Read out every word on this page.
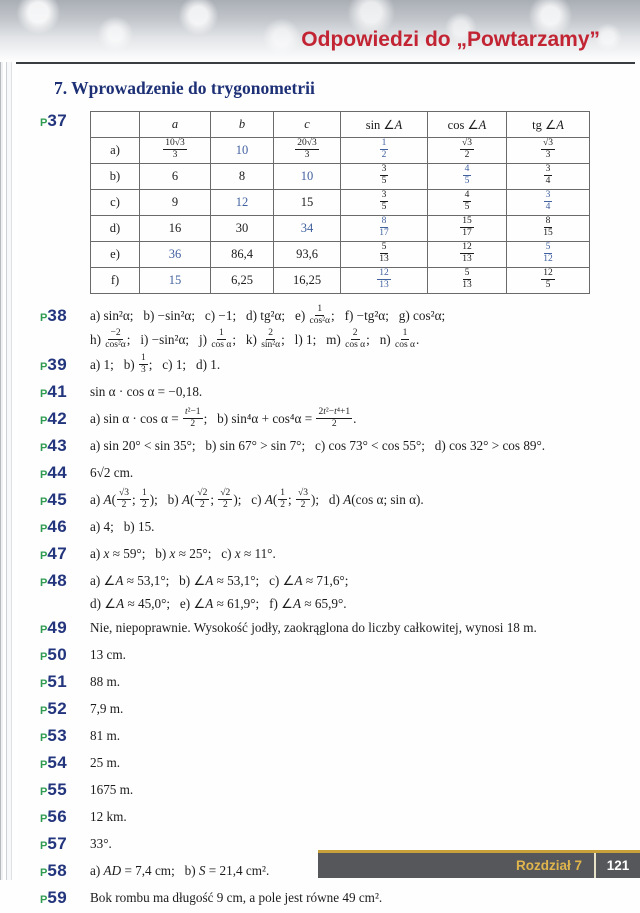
Odpowiedzi do „Powtarzamy”
7. Wprowadzenie do trygonometrii
P37
		a	b	c	sin ∠A	cos ∠A	tg ∠A
a)	$\frac{10√3}{3}$	10	$\frac{20√3}{3}$	$\frac{1}{2}$	$\frac{√3}{2}$	$\frac{√3}{3}$

b)	6	8	10	$\frac{3}{5}$	$\frac{4}{5}$	$\frac{3}{4}$

c)	9	12	15	$\frac{3}{5}$	$\frac{4}{5}$	$\frac{3}{4}$

d)	16	30	34	$\frac{8}{17}$	$\frac{15}{17}$	$\frac{8}{15}$

e)	36	86,4	93,6	$\frac{5}{13}$	$\frac{12}{13}$	$\frac{5}{12}$

f)	15	6,25	16,25	$\frac{12}{13}$	$\frac{5}{13}$	$\frac{12}{5}$
P38	a) sin²α;   b) −sin²α;   c) −1;   d) tg²α;   $e) \frac{1}{\text{cos²α}}$ ;   f) −tg²α;   g) cos²α;
$h) \frac{-2}{\text{cos²α}}$ ;   i) −sin²α;   $j) \frac{1}{\text{cos α}}$ ;   $k) \frac{2}{\text{sin²α}}$ ;   l) 1;   $m) \frac{2}{\text{cos α}}$ ;   $n) \frac{1}{\text{cos α}}$ .
P39	a) 1;   $b) \frac{1}{3}$ ;   c) 1;   d) 1.
P41	sin α · cos α = −0,18.
P42	a) $\sin \alpha \cdot \cos \alpha = \frac{\text{t²−1}}{2}$ ;   b) $\sin^4\alpha + \cos^4\alpha = \frac{\text{2t²−t⁴+1}}{2}$ .
P43	a) sin 20° < sin 35°;   b) sin 67° > sin 7°;   c) cos 73° < cos 55°;   d) cos 32° > cos 89°.
P44	6√2 cm.
P45	a) $A( \frac{√3}{2}$ ; $\frac{1}{2}$ );   b) $A( \frac{√2}{2}$ ; $\frac{√2}{2}$ );   c) $A( \frac{1}{2}$ ; $\frac{√3}{2}$ );   d) A(cos α; sin α).
P46	a) 4;   b) 15.
P47	a) x ≈ 59°;   b) x ≈ 25°;   c) x ≈ 11°.
P48	a) ∠A ≈ 53,1°;   b) ∠A ≈ 53,1°;   c) ∠A ≈ 71,6°;
d) ∠A ≈ 45,0°;   e) ∠A ≈ 61,9°;   f) ∠A ≈ 65,9°.
P49	Nie, niepoprawnie. Wysokość jodły, zaokrąglona do liczby całkowitej, wynosi 18 m.
P50	13 cm.
P51	88 m.
P52	7,9 m.
P53	81 m.
P54	25 m.
P55	1675 m.
P56	12 km.
P57	33°.
P58	a) AD = 7,4 cm;   b) S = 21,4 cm².
P59	Bok rombu ma długość 9 cm, a pole jest równe 49 cm².
Rozdział 7	121
